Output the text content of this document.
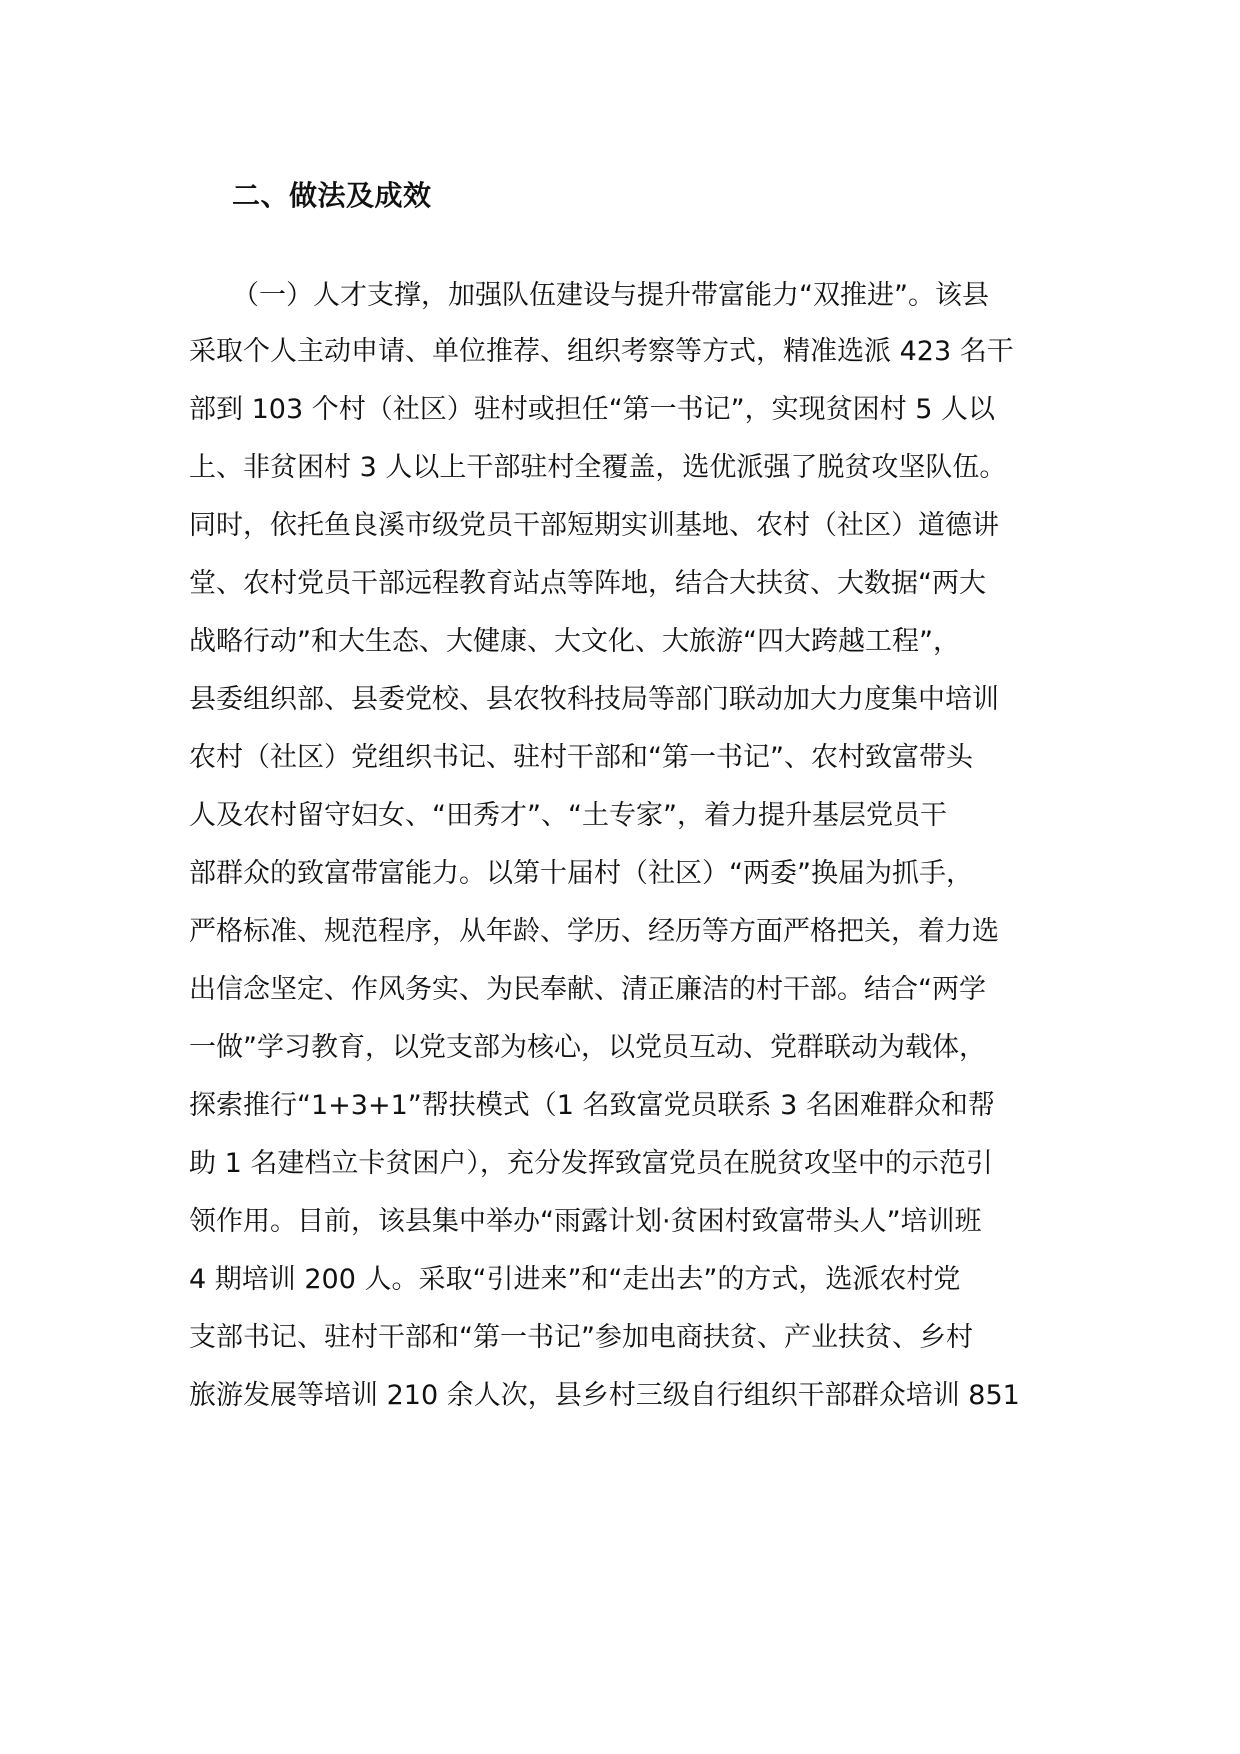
二、做法及成效
（一）人才支撑，加强队伍建设与提升带富能力“双推进”。该县
采取个人主动申请、单位推荐、组织考察等方式，精准选派 423 名干
部到 103 个村（社区）驻村或担任“第一书记”，实现贫困村 5 人以
上、非贫困村 3 人以上干部驻村全覆盖，选优派强了脱贫攻坚队伍。
同时，依托鱼良溪市级党员干部短期实训基地、农村（社区）道德讲
堂、农村党员干部远程教育站点等阵地，结合大扶贫、大数据“两大
战略行动”和大生态、大健康、大文化、大旅游“四大跨越工程”，
县委组织部、县委党校、县农牧科技局等部门联动加大力度集中培训
农村（社区）党组织书记、驻村干部和“第一书记”、农村致富带头
人及农村留守妇女、“田秀才”、“土专家”，着力提升基层党员干
部群众的致富带富能力。以第十届村（社区）“两委”换届为抓手，
严格标准、规范程序，从年龄、学历、经历等方面严格把关，着力选
出信念坚定、作风务实、为民奉献、清正廉洁的村干部。结合“两学
一做”学习教育，以党支部为核心，以党员互动、党群联动为载体，
探索推行“1+3+1”帮扶模式（1 名致富党员联系 3 名困难群众和帮
助 1 名建档立卡贫困户），充分发挥致富党员在脱贫攻坚中的示范引
领作用。目前，该县集中举办“雨露计划·贫困村致富带头人”培训班
4 期培训 200 人。采取“引进来”和“走出去”的方式，选派农村党
支部书记、驻村干部和“第一书记”参加电商扶贫、产业扶贫、乡村
旅游发展等培训 210 余人次，县乡村三级自行组织干部群众培训 851
